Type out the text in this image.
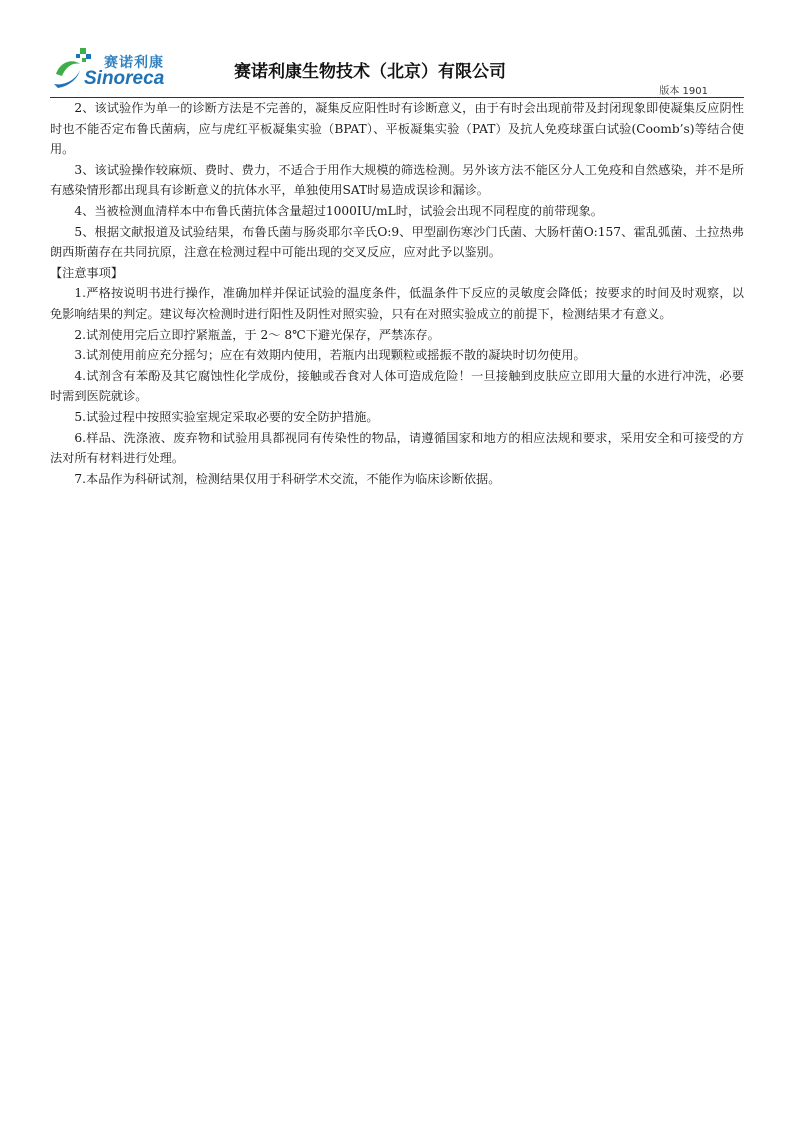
赛诺利康
Sinoreca	赛诺利康生物技术（北京）有限公司
版本 1901

2、该试验作为单一的诊断方法是不完善的，凝集反应阳性时有诊断意义，由于有时会出现前带及封闭现象即使凝集反应阴性时也不能否定布鲁氏菌病，应与虎红平板凝集实验（BPAT）、平板凝集实验（PAT）及抗人免疫球蛋白试验(Coomb’s)等结合使用。

3、该试验操作较麻烦、费时、费力，不适合于用作大规模的筛选检测。另外该方法不能区分人工免疫和自然感染，并不是所有感染情形都出现具有诊断意义的抗体水平，单独使用SAT时易造成误诊和漏诊。

4、当被检测血清样本中布鲁氏菌抗体含量超过1000IU/mL时，试验会出现不同程度的前带现象。

5、根据文献报道及试验结果，布鲁氏菌与肠炎耶尔辛氏O:9、甲型副伤寒沙门氏菌、大肠杆菌O:157、霍乱弧菌、土拉热弗朗西斯菌存在共同抗原，注意在检测过程中可能出现的交叉反应，应对此予以鉴别。

【注意事项】

1.严格按说明书进行操作，准确加样并保证试验的温度条件，低温条件下反应的灵敏度会降低；按要求的时间及时观察，以免影响结果的判定。建议每次检测时进行阳性及阴性对照实验，只有在对照实验成立的前提下，检测结果才有意义。

2.试剂使用完后立即拧紧瓶盖，于 2～ 8℃下避光保存，严禁冻存。

3.试剂使用前应充分摇匀；应在有效期内使用，若瓶内出现颗粒或摇振不散的凝块时切勿使用。

4.试剂含有苯酚及其它腐蚀性化学成份，接触或吞食对人体可造成危险！一旦接触到皮肤应立即用大量的水进行冲洗，必要时需到医院就诊。

5.试验过程中按照实验室规定采取必要的安全防护措施。

6.样品、洗涤液、废弃物和试验用具都视同有传染性的物品，请遵循国家和地方的相应法规和要求，采用安全和可接受的方法对所有材料进行处理。

7.本品作为科研试剂，检测结果仅用于科研学术交流，不能作为临床诊断依据。
